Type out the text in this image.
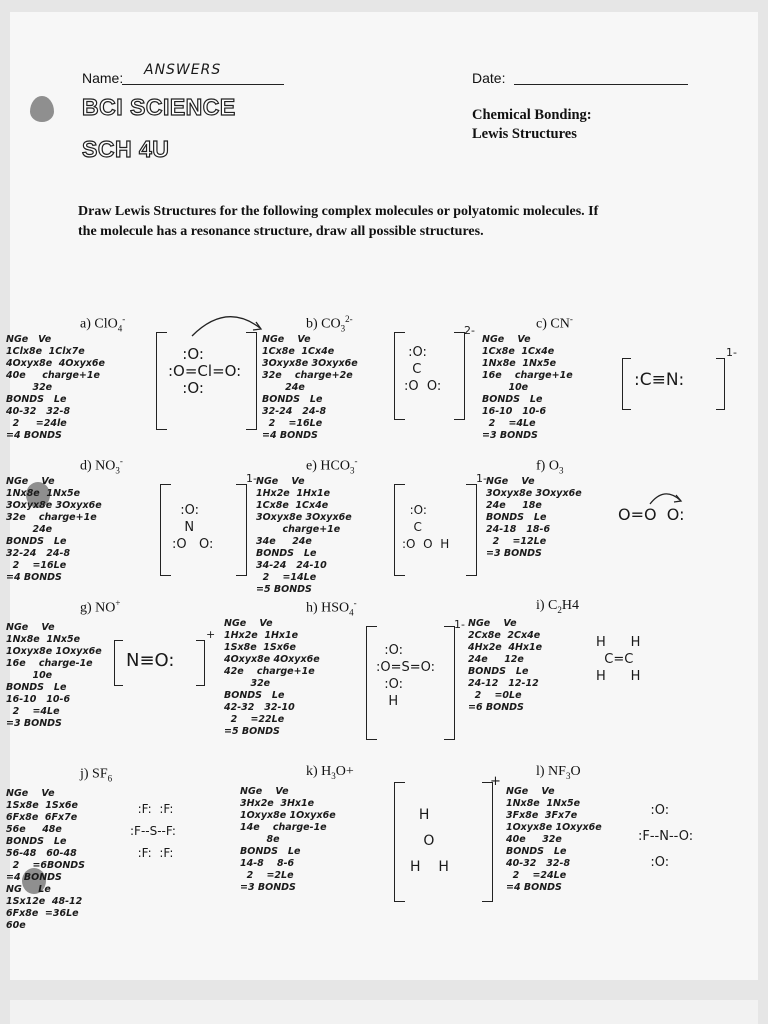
Name: ANSWERS	Date:
BCI SCIENCE
SCH 4U
Chemical Bonding:
Lewis Structures
Draw Lewis Structures for the following complex molecules or polyatomic molecules. If
the molecule has a resonance structure, draw all possible structures.
a) ClO$_4$-	b) $CO_3^{2-}$	c) CN-
d) $NO_3^-$	e) $HCO_3^-$	f) $O_3$
g) NO+	h) $HSO_4^-$	i) $C_2H4$
j) $SF_6$	k) $H_3O+$	l) $NF_3O$
NGe   Ve
1Clx8e  1Clx7e
4Oxyx8e  4Oxyx6e
40e     charge+1e
32e
BONDS   Le
40-32   32-8
2     =24le
=4 BONDS
NGe    Ve
1Cx8e  1Cx4e
3Oxyx8e 3Oxyx6e
32e    charge+2e
24e
BONDS   Le
32-24   24-8
2    =16Le
=4 BONDS
NGe    Ve
1Cx8e  1Cx4e
1Nx8e  1Nx5e
16e    charge+1e
10e
BONDS   Le
16-10   10-6
2    =4Le
=3 BONDS
NGe    Ve
1Nx8e  1Nx5e
3Oxyx8e 3Oxyx6e
32e    charge+1e
24e
BONDS   Le
32-24   24-8
2    =16Le
=4 BONDS
NGe    Ve
1Hx2e  1Hx1e
1Cx8e  1Cx4e
3Oxyx8e 3Oxyx6e
charge+1e
34e     24e
BONDS   Le
34-24   24-10
2    =14Le
=5 BONDS
NGe    Ve
3Oxyx8e 3Oxyx6e
24e     18e
BONDS   Le
24-18   18-6
2    =12Le
=3 BONDS
NGe    Ve
1Nx8e  1Nx5e
1Oxyx8e 1Oxyx6e
16e    charge-1e
10e
BONDS   Le
16-10   10-6
2    =4Le
=3 BONDS
NGe    Ve
1Hx2e  1Hx1e
1Sx8e  1Sx6e
4Oxyx8e 4Oxyx6e
42e    charge+1e
32e
BONDS   Le
42-32   32-10
2    =22Le
=5 BONDS
NGe    Ve
2Cx8e  2Cx4e
4Hx2e  4Hx1e
24e     12e
BONDS   Le
24-12   12-12
2    =0Le
=6 BONDS
NGe    Ve
1Sx8e  1Sx6e
6Fx8e  6Fx7e
56e     48e
BONDS   Le
56-48   60-48
2    =6BONDS
=4 BONDS
NG     Le
1Sx12e  48-12
6Fx8e  =36Le
60e
NGe    Ve
3Hx2e  3Hx1e
1Oxyx8e 1Oxyx6e
14e    charge-1e
8e
BONDS   Le
14-8    8-6
2    =2Le
=3 BONDS
NGe    Ve
1Nx8e  1Nx5e
3Fx8e  3Fx7e
1Oxyx8e 1Oxyx6e
40e     32e
BONDS   Le
40-32   32-8
2    =24Le
=4 BONDS
:O:
:O=Cl=O:
:O:
:O:
C
:O  O:
2-
:C≡N:
1-
:O:
N
:O   O:
1-
:O:
C
:O  O  H
1-
O=O  O:
N≡O:
+
:O:
:O=S=O:
:O:
H
1-
H      H
C=C
H      H
:F:  :F:
:F--S--F:
:F:  :F:
H
O
H    H
+
:O:
:F--N--O:
:O:
